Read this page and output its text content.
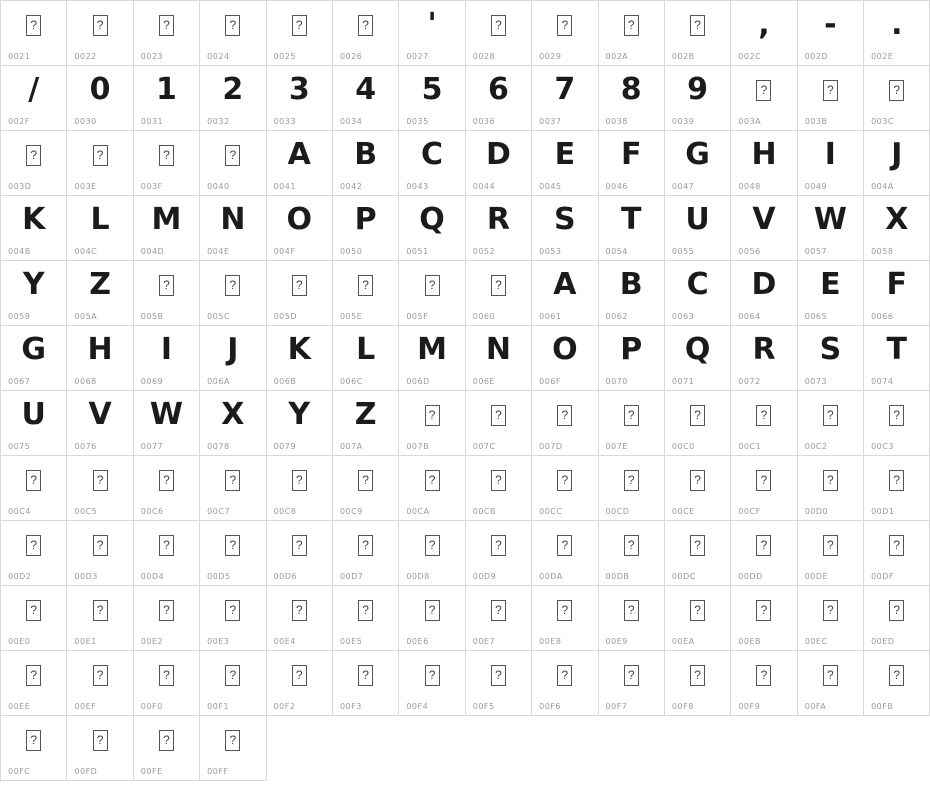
?
0021
?
0022
?
0023
?
0024
?
0025
?
0026
'
0027
?
0028
?
0029
?
002A
?
002B
,
002C
-
002D
.
002E
/
002F
0
0030
1
0031
2
0032
3
0033
4
0034
5
0035
6
0036
7
0037
8
0038
9
0039
?
003A
?
003B
?
003C
?
003D
?
003E
?
003F
?
0040
A
0041
B
0042
C
0043
D
0044
E
0045
F
0046
G
0047
H
0048
I
0049
J
004A
K
004B
L
004C
M
004D
N
004E
O
004F
P
0050
Q
0051
R
0052
S
0053
T
0054
U
0055
V
0056
W
0057
X
0058
Y
0059
Z
005A
?
005B
?
005C
?
005D
?
005E
?
005F
?
0060
A
0061
B
0062
C
0063
D
0064
E
0065
F
0066
G
0067
H
0068
I
0069
J
006A
K
006B
L
006C
M
006D
N
006E
O
006F
P
0070
Q
0071
R
0072
S
0073
T
0074
U
0075
V
0076
W
0077
X
0078
Y
0079
Z
007A
?
007B
?
007C
?
007D
?
007E
?
00C0
?
00C1
?
00C2
?
00C3
?
00C4
?
00C5
?
00C6
?
00C7
?
00C8
?
00C9
?
00CA
?
00CB
?
00CC
?
00CD
?
00CE
?
00CF
?
00D0
?
00D1
?
00D2
?
00D3
?
00D4
?
00D5
?
00D6
?
00D7
?
00D8
?
00D9
?
00DA
?
00DB
?
00DC
?
00DD
?
00DE
?
00DF
?
00E0
?
00E1
?
00E2
?
00E3
?
00E4
?
00E5
?
00E6
?
00E7
?
00E8
?
00E9
?
00EA
?
00EB
?
00EC
?
00ED
?
00EE
?
00EF
?
00F0
?
00F1
?
00F2
?
00F3
?
00F4
?
00F5
?
00F6
?
00F7
?
00F8
?
00F9
?
00FA
?
00FB
?
00FC
?
00FD
?
00FE
?
00FF
